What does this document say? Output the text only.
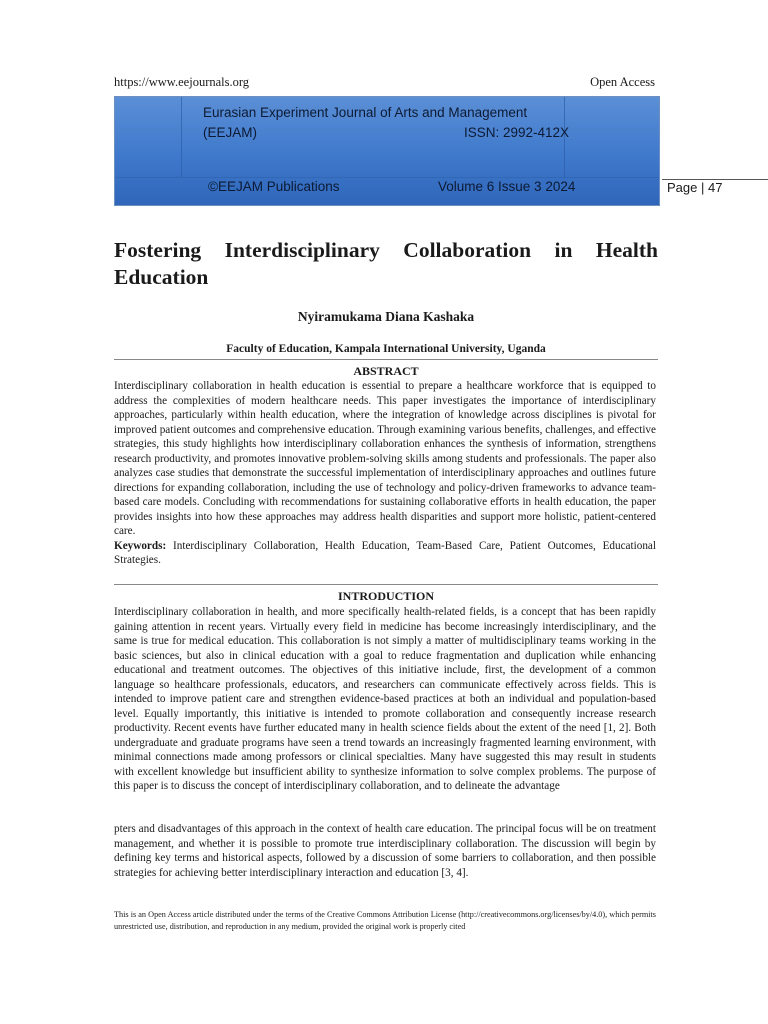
https://www.eejournals.org	Open Access
Eurasian Experiment Journal of Arts and Management
(EEJAM)	ISSN: 2992-412X
©EEJAM Publications	Volume 6 Issue 3 2024	Page | 47
Fostering Interdisciplinary Collaboration in Health Education
Nyiramukama Diana Kashaka
Faculty of Education, Kampala International University, Uganda
ABSTRACT
Interdisciplinary collaboration in health education is essential to prepare a healthcare workforce that is equipped to address the complexities of modern healthcare needs. This paper investigates the importance of interdisciplinary approaches, particularly within health education, where the integration of knowledge across disciplines is pivotal for improved patient outcomes and comprehensive education. Through examining various benefits, challenges, and effective strategies, this study highlights how interdisciplinary collaboration enhances the synthesis of information, strengthens research productivity, and promotes innovative problem-solving skills among students and professionals. The paper also analyzes case studies that demonstrate the successful implementation of interdisciplinary approaches and outlines future directions for expanding collaboration, including the use of technology and policy-driven frameworks to advance team-based care models. Concluding with recommendations for sustaining collaborative efforts in health education, the paper provides insights into how these approaches may address health disparities and support more holistic, patient-centered care.
Keywords: Interdisciplinary Collaboration, Health Education, Team-Based Care, Patient Outcomes, Educational Strategies.
INTRODUCTION
Interdisciplinary collaboration in health, and more specifically health-related fields, is a concept that has been rapidly gaining attention in recent years. Virtually every field in medicine has become increasingly interdisciplinary, and the same is true for medical education. This collaboration is not simply a matter of multidisciplinary teams working in the basic sciences, but also in clinical education with a goal to reduce fragmentation and duplication while enhancing educational and treatment outcomes. The objectives of this initiative include, first, the development of a common language so healthcare professionals, educators, and researchers can communicate effectively across fields. This is intended to improve patient care and strengthen evidence-based practices at both an individual and population-based level. Equally importantly, this initiative is intended to promote collaboration and consequently increase research productivity. Recent events have further educated many in health science fields about the extent of the need [1, 2]. Both undergraduate and graduate programs have seen a trend towards an increasingly fragmented learning environment, with minimal connections made among professors or clinical specialties. Many have suggested this may result in students with excellent knowledge but insufficient ability to synthesize information to solve complex problems. The purpose of this paper is to discuss the concept of interdisciplinary collaboration, and to delineate the advantage
pters and disadvantages of this approach in the context of health care education. The principal focus will be on treatment management, and whether it is possible to promote true interdisciplinary collaboration. The discussion will begin by defining key terms and historical aspects, followed by a discussion of some barriers to collaboration, and then possible strategies for achieving better interdisciplinary interaction and education [3, 4].
This is an Open Access article distributed under the terms of the Creative Commons Attribution License (http://creativecommons.org/licenses/by/4.0), which permits unrestricted use, distribution, and reproduction in any medium, provided the original work is properly cited
